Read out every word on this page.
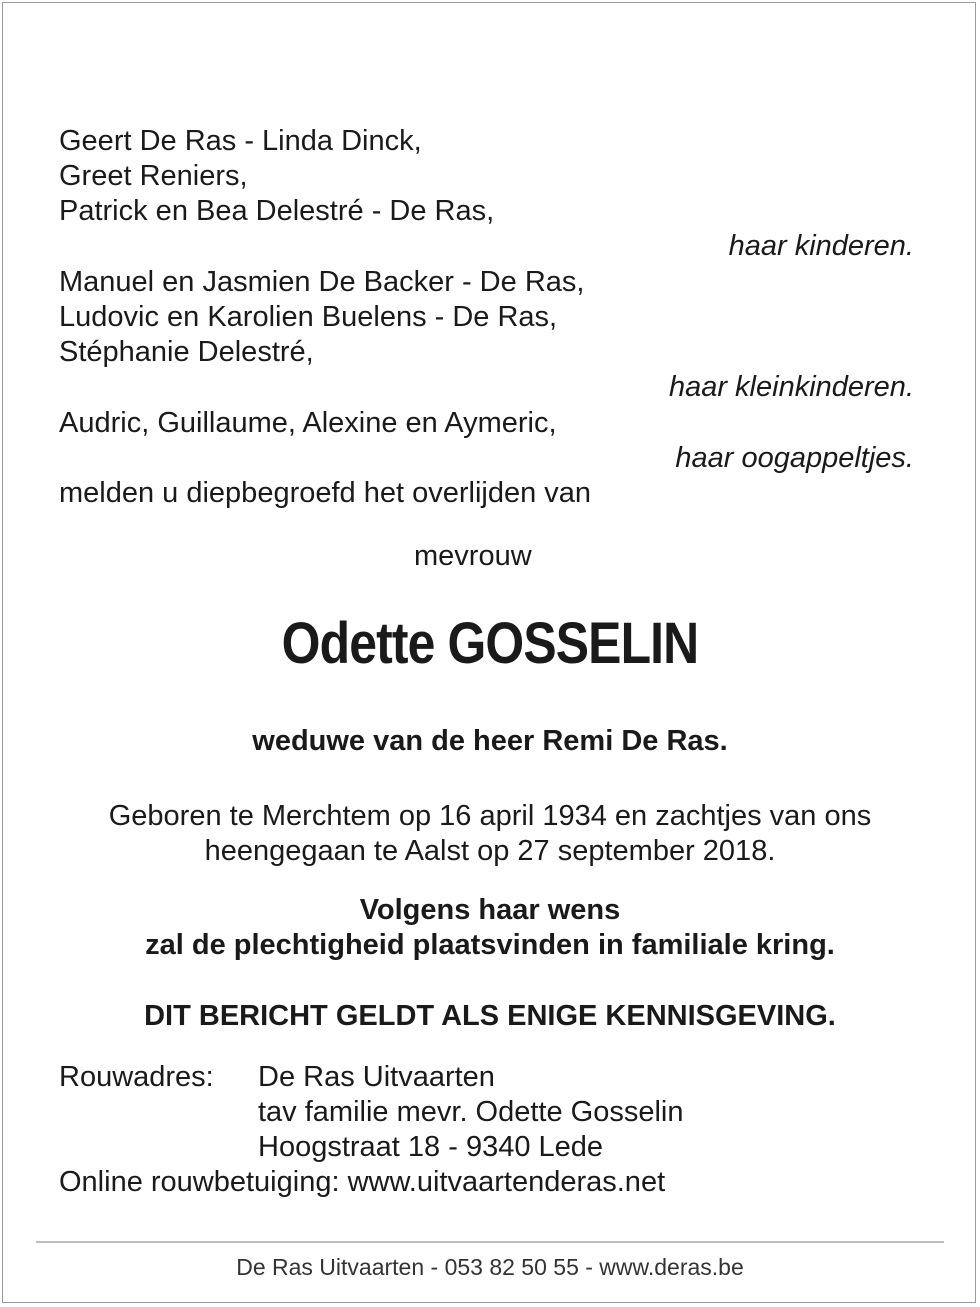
Geert De Ras - Linda Dinck,
Greet Reniers,
Patrick en Bea Delestré - De Ras,
haar kinderen.
Manuel en Jasmien De Backer - De Ras,
Ludovic en Karolien Buelens - De Ras,
Stéphanie Delestré,
haar kleinkinderen.
Audric, Guillaume, Alexine en Aymeric,
haar oogappeltjes.
melden u diepbegroefd het overlijden van
mevrouw
Odette GOSSELIN
weduwe van de heer Remi De Ras.
Geboren te Merchtem op 16 april 1934 en zachtjes van ons
heengegaan te Aalst op 27 september 2018.
Volgens haar wens
zal de plechtigheid plaatsvinden in familiale kring.
DIT BERICHT GELDT ALS ENIGE KENNISGEVING.
Rouwadres: De Ras Uitvaarten
tav familie mevr. Odette Gosselin
Hoogstraat 18 - 9340 Lede
Online rouwbetuiging: www.uitvaartenderas.net
De Ras Uitvaarten - 053 82 50 55 - www.deras.be
